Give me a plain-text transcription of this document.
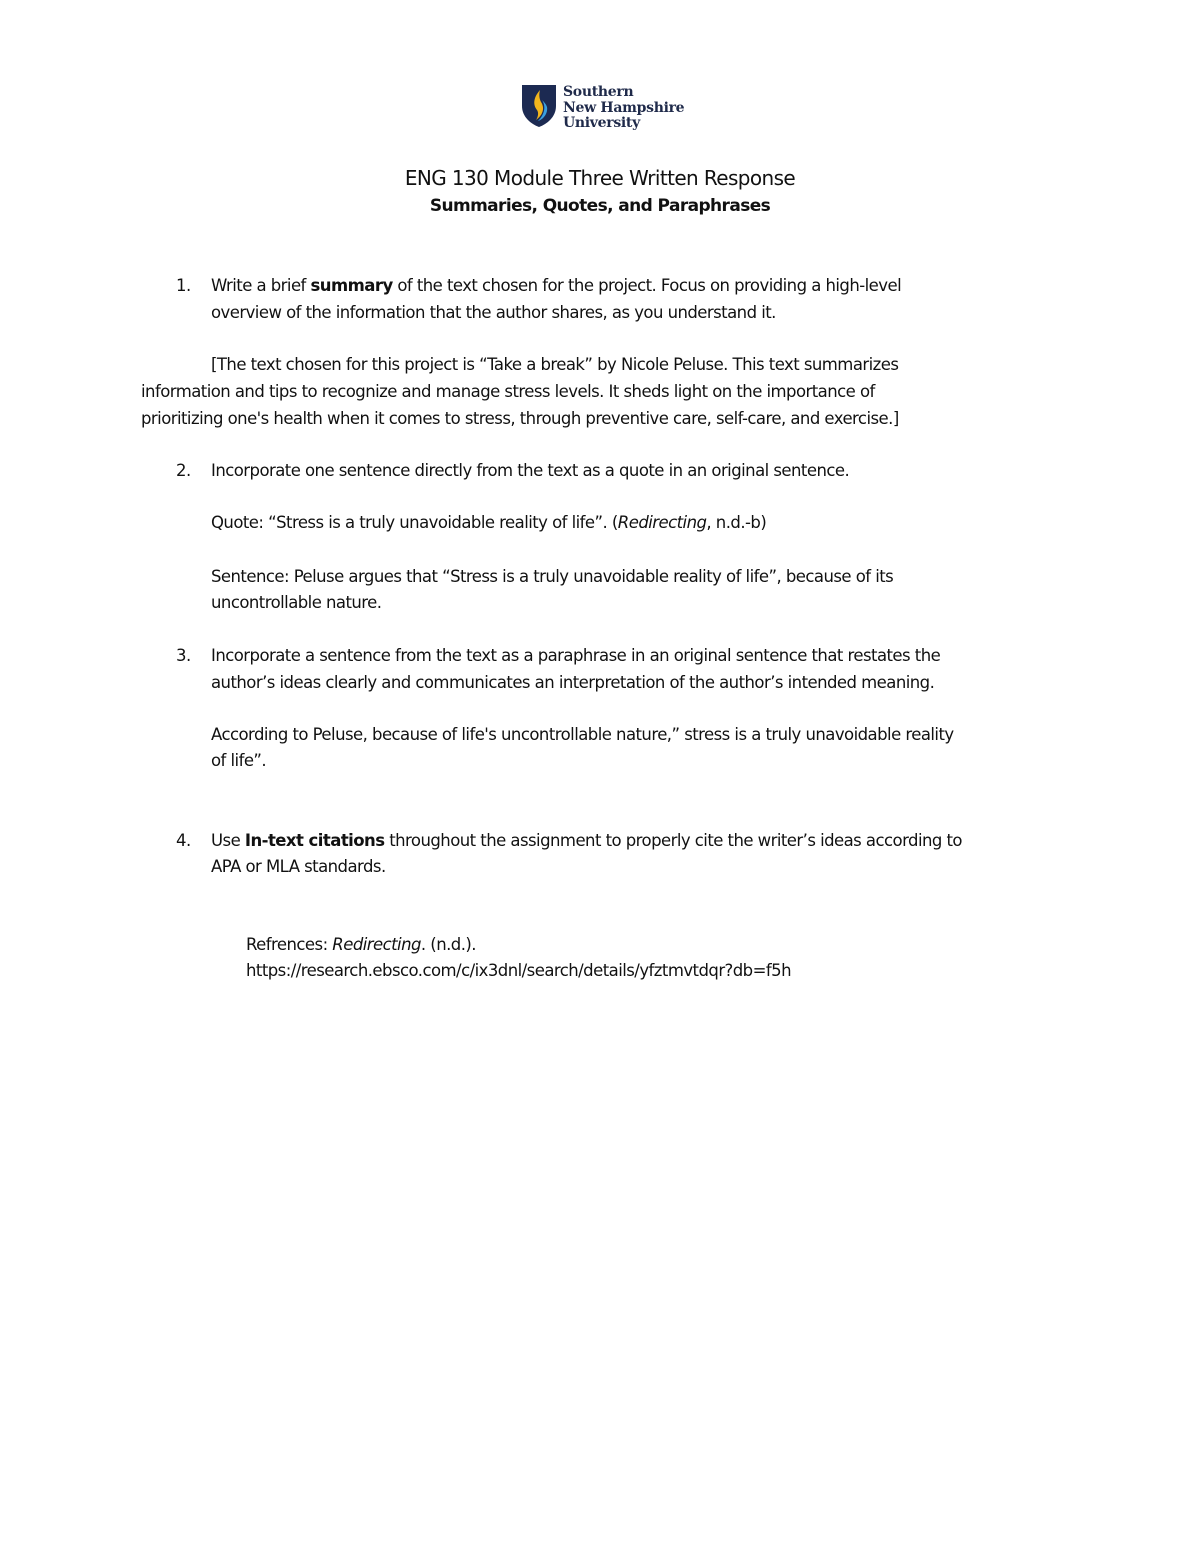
Southern
New Hampshire
University
ENG 130 Module Three Written Response
Summaries, Quotes, and Paraphrases
1.	Write a brief summary of the text chosen for the project. Focus on providing a high-level
overview of the information that the author shares, as you understand it.
[The text chosen for this project is “Take a break” by Nicole Peluse. This text summarizes
information and tips to recognize and manage stress levels. It sheds light on the importance of
prioritizing one's health when it comes to stress, through preventive care, self-care, and exercise.]
2.	Incorporate one sentence directly from the text as a quote in an original sentence.
Quote: “Stress is a truly unavoidable reality of life”. (Redirecting, n.d.-b)
Sentence: Peluse argues that “Stress is a truly unavoidable reality of life”, because of its
uncontrollable nature.
3.	Incorporate a sentence from the text as a paraphrase in an original sentence that restates the
author’s ideas clearly and communicates an interpretation of the author’s intended meaning.
According to Peluse, because of life's uncontrollable nature,” stress is a truly unavoidable reality
of life”.
4.	Use In-text citations throughout the assignment to properly cite the writer’s ideas according to
APA or MLA standards.
Refrences: Redirecting. (n.d.).
https://research.ebsco.com/c/ix3dnl/search/details/yfztmvtdqr?db=f5h
